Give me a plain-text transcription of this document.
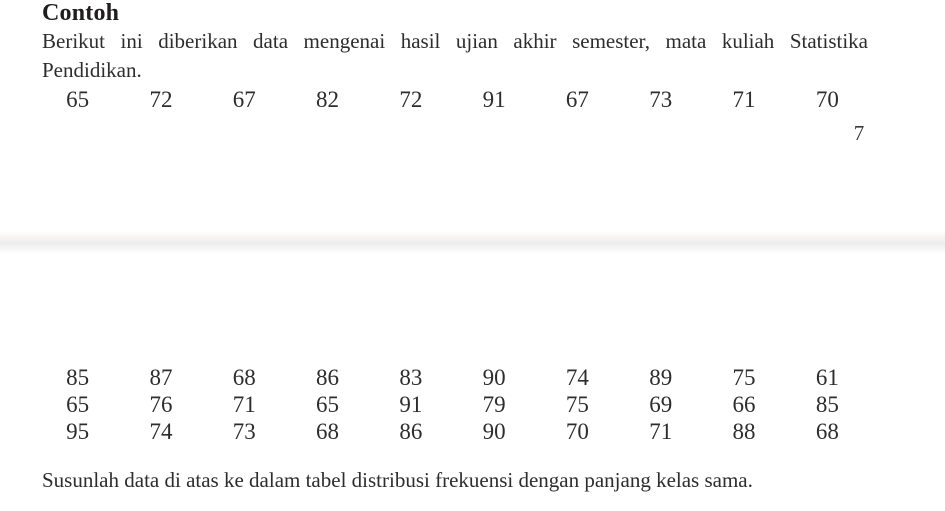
Contoh
Berikut ini diberikan data mengenai hasil ujian akhir semester, mata kuliah Statistika
Pendidikan.
65	72	67	82	72	91	67	73	71	70
7
85	87	68	86	83	90	74	89	75	61
65	76	71	65	91	79	75	69	66	85
95	74	73	68	86	90	70	71	88	68
Susunlah data di atas ke dalam tabel distribusi frekuensi dengan panjang kelas sama.
